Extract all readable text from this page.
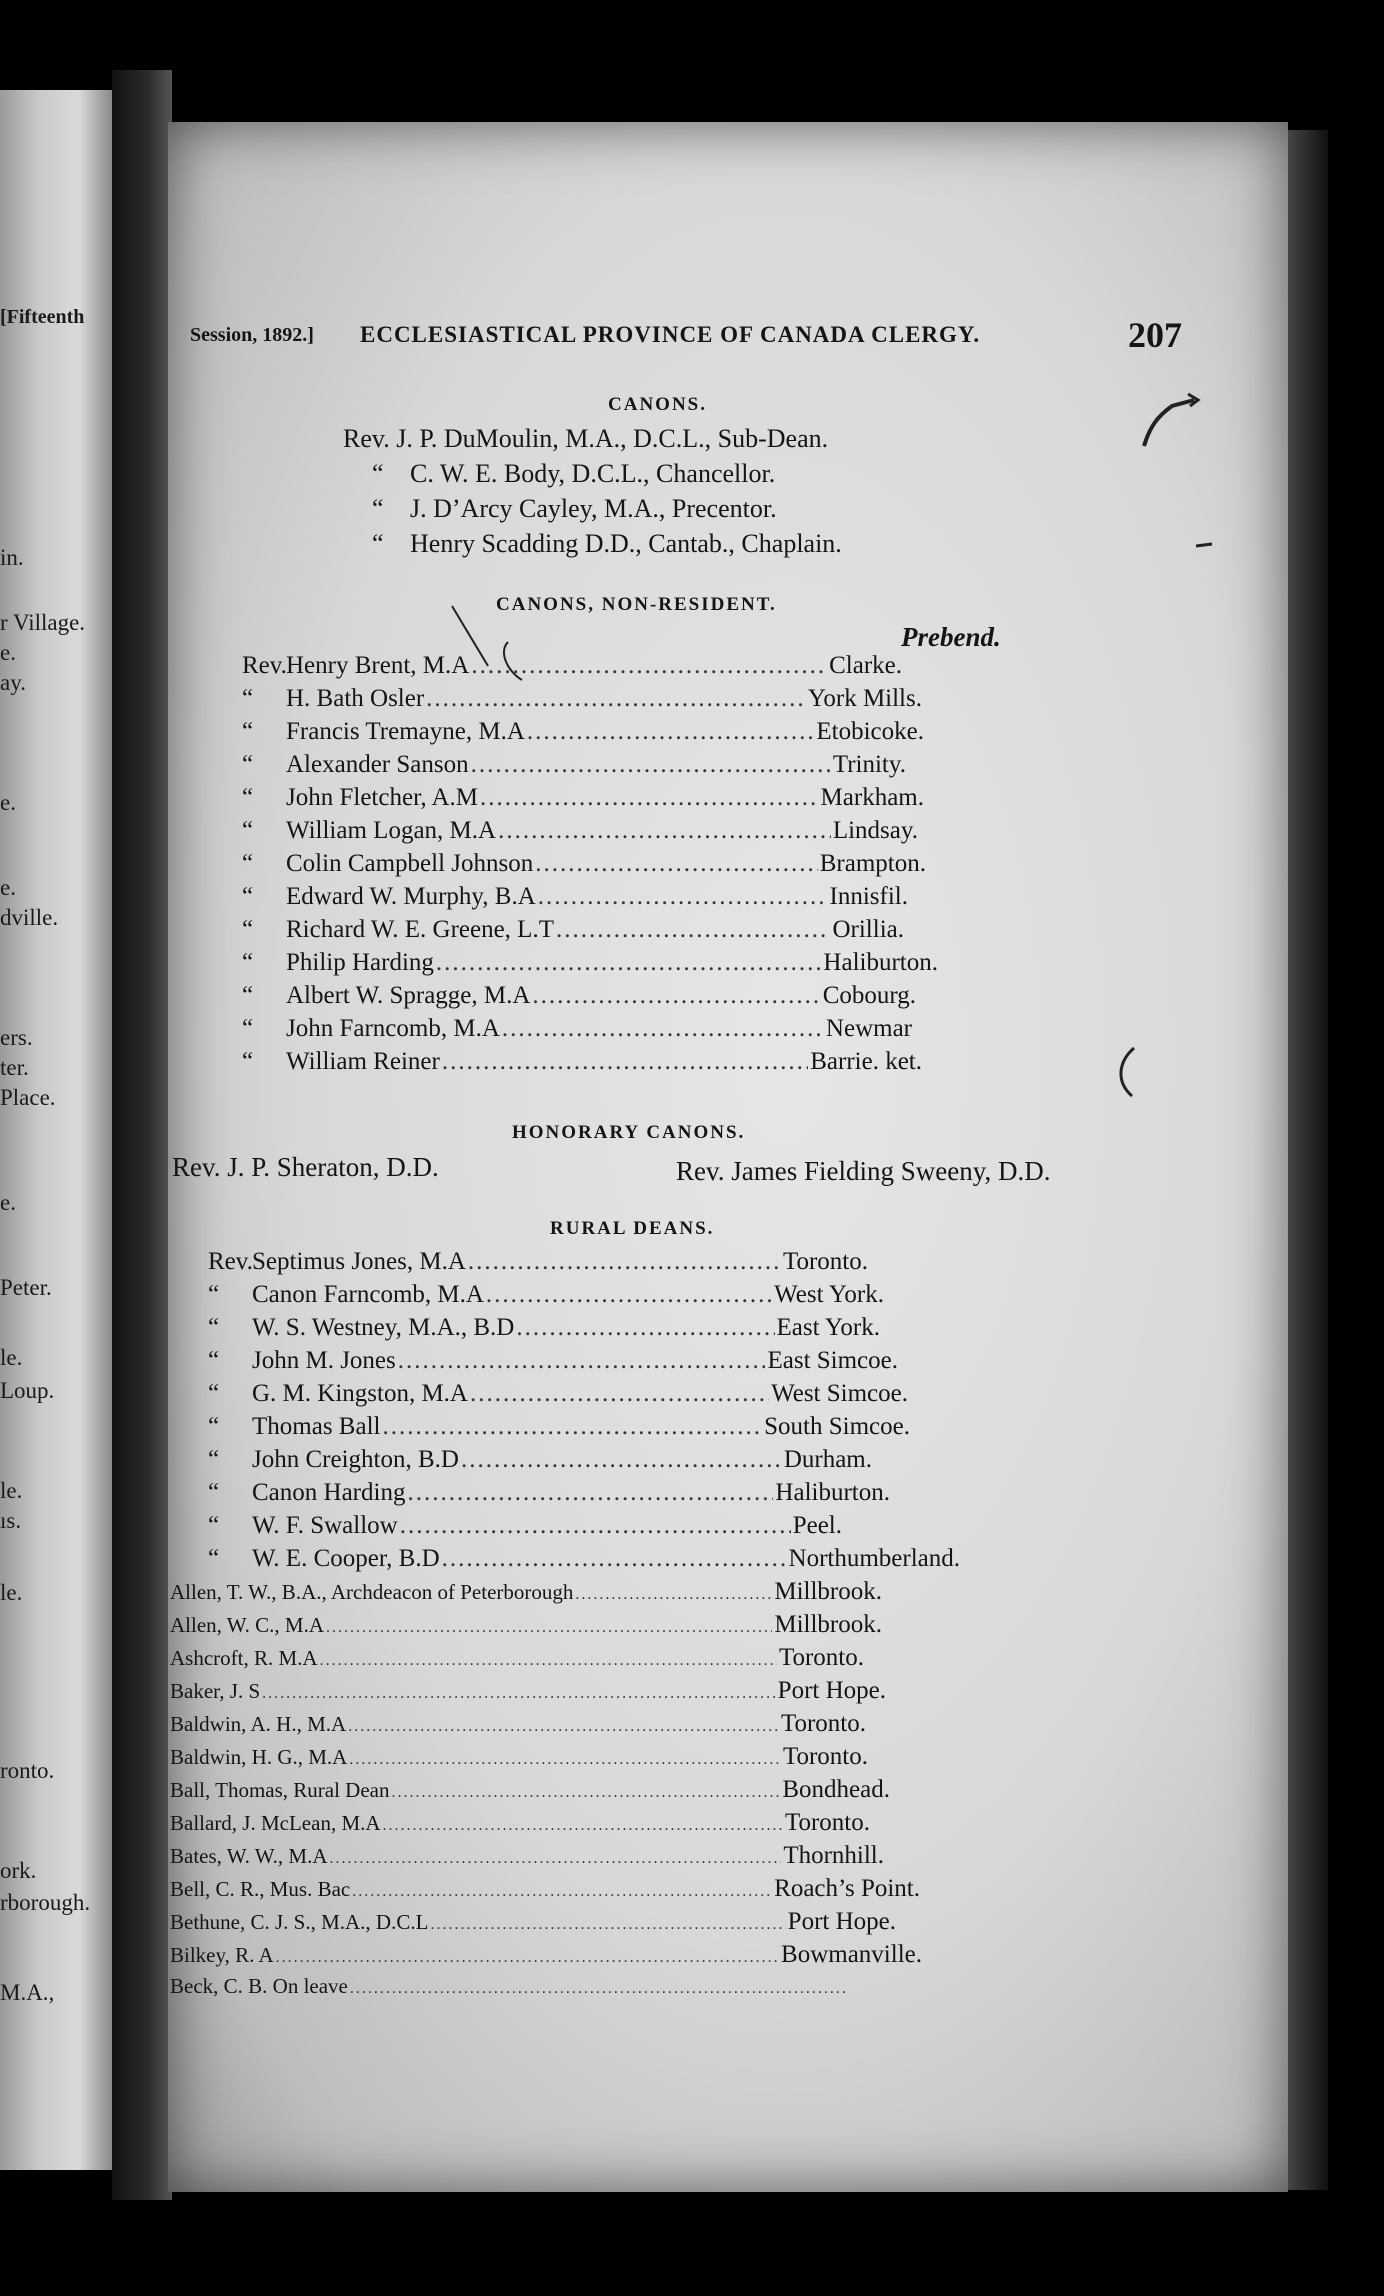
[Fifteenth
in.
r Village.
e.
ay.
e.
e.
dville.
ers.
ter.
Place.
e.
Peter.
le.
Loup.
le.
ıs.
le.
ronto.
ork.
rborough.
M.A.,
Session, 1892.] ECCLESIASTICAL PROVINCE OF CANADA CLERGY.	207
CANONS.
Rev. J. P. DuMoulin, M.A., D.C.L., Sub-Dean.
“ C. W. E. Body, D.C.L., Chancellor.
“ J. D’Arcy Cayley, M.A., Precentor.
“ Henry Scadding D.D., Cantab., Chaplain.
CANONS, NON-RESIDENT.
Prebend.
Rev. Henry Brent, M.A .....	Clarke.
“	H. Bath Osler .....	York Mills.
“	Francis Tremayne, M.A .....	Etobicoke.
“	Alexander Sanson .....	Trinity.
“	John Fletcher, A.M .....	Markham.
“	William Logan, M.A .....	Lindsay.
“	Colin Campbell Johnson .....	Brampton.
“	Edward W. Murphy, B.A .....	Innisfil.
“	Richard W. E. Greene, L.T .....	Orillia.
“	Philip Harding .....	Haliburton.
“	Albert W. Spragge, M.A .....	Cobourg.
“	John Farncomb, M.A .....	Newmar
“	William Reiner .....	Barrie. ket.
HONORARY CANONS.
Rev. J. P. Sheraton, D.D.	Rev. James Fielding Sweeny, D.D.
RURAL DEANS.
Rev. Septimus Jones, M.A .....	Toronto.
“	Canon Farncomb, M.A .....	West York.
“	W. S. Westney, M.A., B.D .....	East York.
“	John M. Jones .....	East Simcoe.
“	G. M. Kingston, M.A .....	West Simcoe.
“	Thomas Ball .....	South Simcoe.
“	John Creighton, B.D .....	Durham.
“	Canon Harding .....	Haliburton.
“	W. F. Swallow .....	Peel.
“	W. E. Cooper, B.D .....	Northumberland.
Allen, T. W., B.A., Archdeacon of Peterborough .....	Millbrook.
Allen, W. C., M.A .....	Millbrook.
Ashcroft, R. M.A .....	Toronto.
Baker, J. S .....	Port Hope.
Baldwin, A. H., M.A .....	Toronto.
Baldwin, H. G., M.A .....	Toronto.
Ball, Thomas, Rural Dean .....	Bondhead.
Ballard, J. McLean, M.A .....	Toronto.
Bates, W. W., M.A .....	Thornhill.
Bell, C. R., Mus. Bac .....	Roach’s Point.
Bethune, C. J. S., M.A., D.C.L .....	Port Hope.
Bilkey, R. A .....	Bowmanville.
Beck, C. B. On leave
.....
